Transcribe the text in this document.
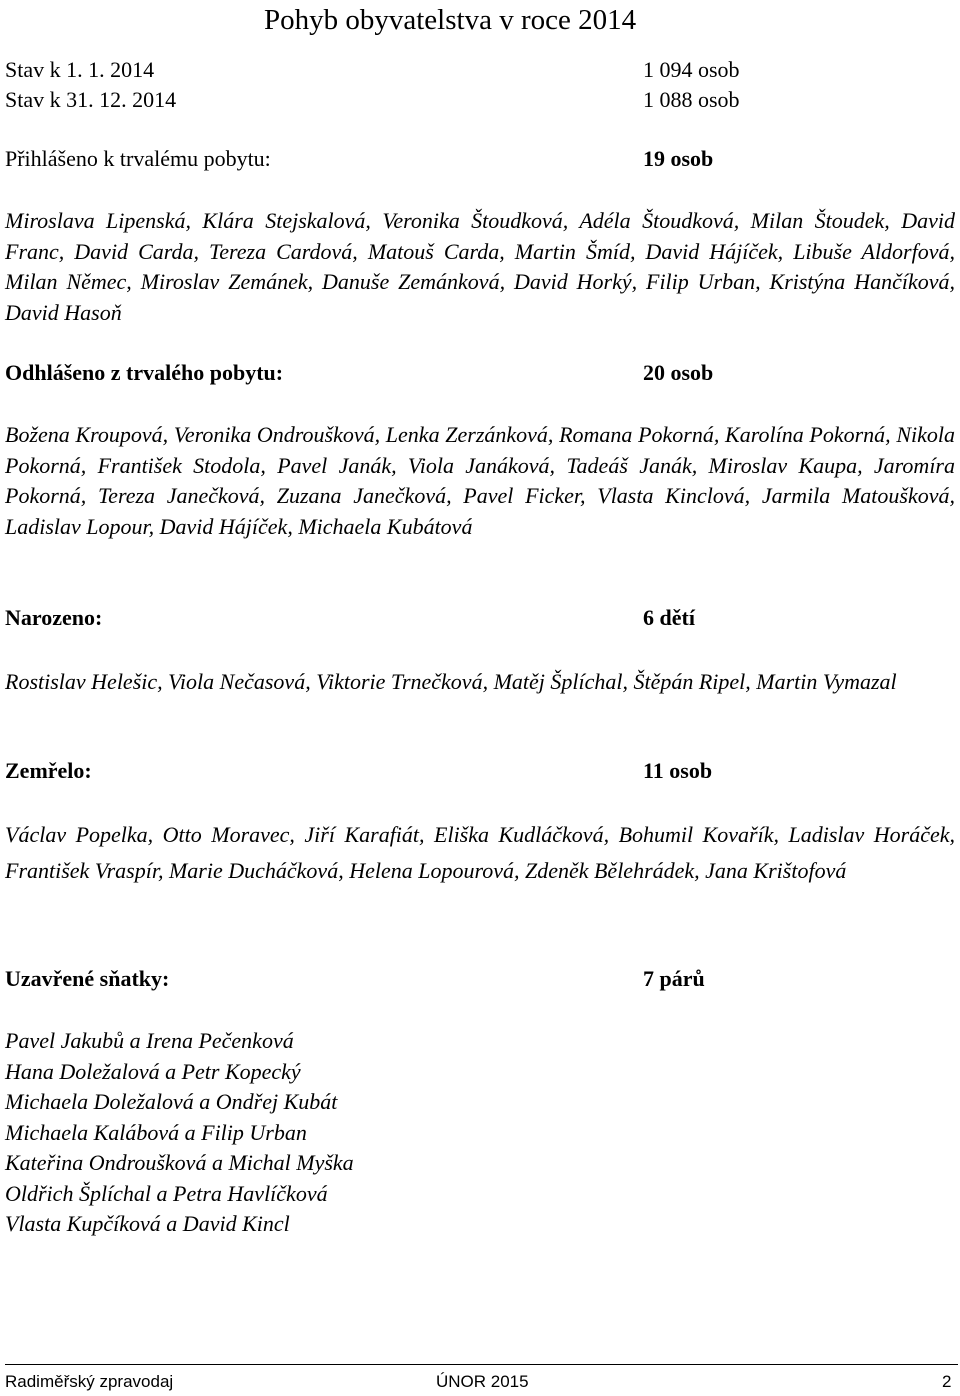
Pohyb obyvatelstva v roce 2014
Stav k 1. 1. 2014	1 094 osob
Stav k 31. 12. 2014	1 088 osob
Přihlášeno k trvalému pobytu:	19 osob

Miroslava Lipenská, Klára Stejskalová, Veronika Štoudková, Adéla Štoudková, Milan Štoudek, David Franc, David Carda, Tereza Cardová, Matouš Carda, Martin Šmíd, David Hájíček, Libuše Aldorfová, Milan Němec, Miroslav Zemánek, Danuše Zemánková, David Horký, Filip Urban, Kristýna Hančíková, David Hasoň

Odhlášeno z trvalého pobytu:	20 osob

Božena Kroupová, Veronika Ondroušková, Lenka Zerzánková, Romana Pokorná, Karolína Pokorná, Nikola Pokorná, František Stodola, Pavel Janák, Viola Janáková, Tadeáš Janák, Miroslav Kaupa, Jaromíra Pokorná, Tereza Janečková, Zuzana Janečková, Pavel Ficker, Vlasta Kinclová, Jarmila Matoušková, Ladislav Lopour, David Hájíček, Michaela Kubátová

Narozeno:	6 dětí

Rostislav Helešic, Viola Nečasová, Viktorie Trnečková, Matěj Šplíchal, Štěpán Ripel, Martin Vymazal

Zemřelo:	11 osob

Václav Popelka, Otto Moravec, Jiří Karafiát, Eliška Kudláčková, Bohumil Kovařík, Ladislav Horáček, František Vraspír, Marie Ducháčková, Helena Lopourová, Zdeněk Bělehrádek, Jana Krištofová

Uzavřené sňatky:	7 párů
Pavel Jakubů a Irena Pečenková
Hana Doležalová a Petr Kopecký
Michaela Doležalová a Ondřej Kubát
Michaela Kalábová a Filip Urban
Kateřina Ondroušková a Michal Myška
Oldřich Šplíchal a Petra Havlíčková
Vlasta Kupčíková a David Kincl
Radiměřský zpravodaj	ÚNOR 2015	2
